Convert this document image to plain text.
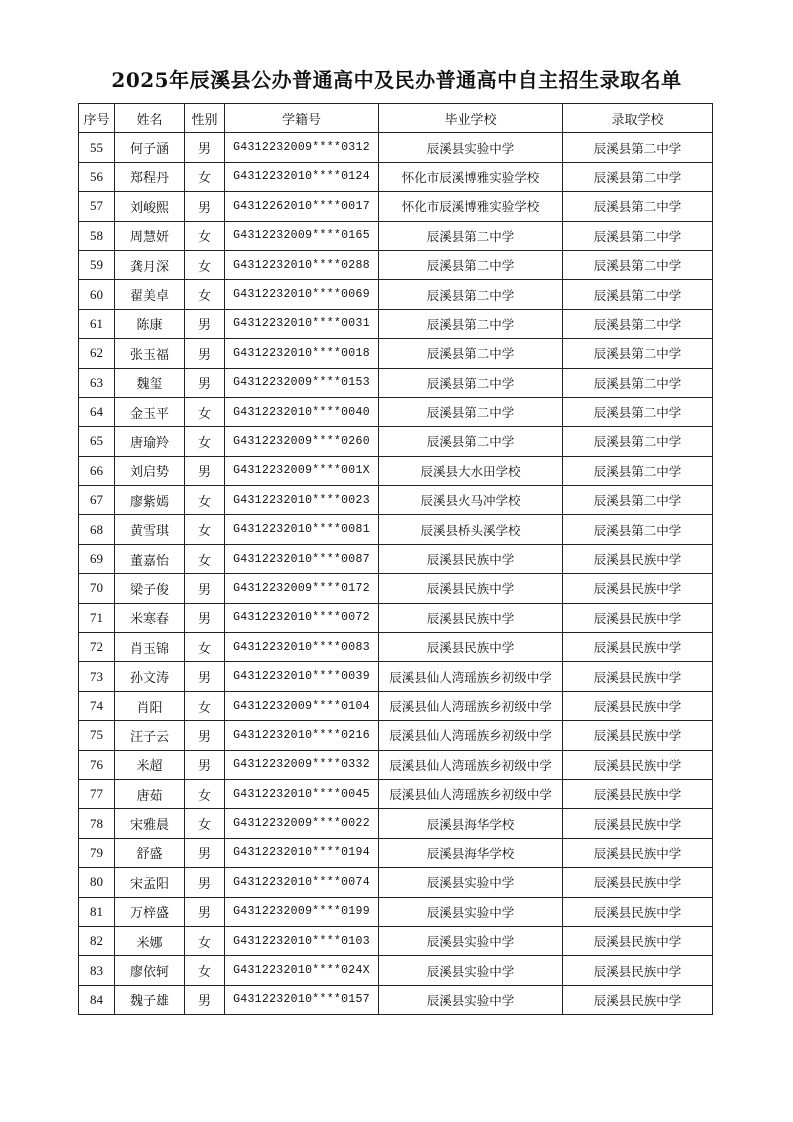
2025年辰溪县公办普通高中及民办普通高中自主招生录取名单
序号	姓名	性别	学籍号	毕业学校	录取学校
55	何子涵	男	G4312232009****0312	辰溪县实验中学	辰溪县第二中学
56	郑程丹	女	G4312232010****0124	怀化市辰溪博雅实验学校	辰溪县第二中学
57	刘峻熙	男	G4312262010****0017	怀化市辰溪博雅实验学校	辰溪县第二中学
58	周慧妍	女	G4312232009****0165	辰溪县第二中学	辰溪县第二中学
59	龚月深	女	G4312232010****0288	辰溪县第二中学	辰溪县第二中学
60	翟美卓	女	G4312232010****0069	辰溪县第二中学	辰溪县第二中学
61	陈康	男	G4312232010****0031	辰溪县第二中学	辰溪县第二中学
62	张玉福	男	G4312232010****0018	辰溪县第二中学	辰溪县第二中学
63	魏玺	男	G4312232009****0153	辰溪县第二中学	辰溪县第二中学
64	金玉平	女	G4312232010****0040	辰溪县第二中学	辰溪县第二中学
65	唐瑜羚	女	G4312232009****0260	辰溪县第二中学	辰溪县第二中学
66	刘启势	男	G4312232009****001X	辰溪县大水田学校	辰溪县第二中学
67	廖紫嫣	女	G4312232010****0023	辰溪县火马冲学校	辰溪县第二中学
68	黄雪琪	女	G4312232010****0081	辰溪县桥头溪学校	辰溪县第二中学
69	董嘉怡	女	G4312232010****0087	辰溪县民族中学	辰溪县民族中学
70	梁子俊	男	G4312232009****0172	辰溪县民族中学	辰溪县民族中学
71	米寒春	男	G4312232010****0072	辰溪县民族中学	辰溪县民族中学
72	肖玉锦	女	G4312232010****0083	辰溪县民族中学	辰溪县民族中学
73	孙文涛	男	G4312232010****0039	辰溪县仙人湾瑶族乡初级中学	辰溪县民族中学
74	肖阳	女	G4312232009****0104	辰溪县仙人湾瑶族乡初级中学	辰溪县民族中学
75	汪子云	男	G4312232010****0216	辰溪县仙人湾瑶族乡初级中学	辰溪县民族中学
76	米超	男	G4312232009****0332	辰溪县仙人湾瑶族乡初级中学	辰溪县民族中学
77	唐茹	女	G4312232010****0045	辰溪县仙人湾瑶族乡初级中学	辰溪县民族中学
78	宋雅晨	女	G4312232009****0022	辰溪县海华学校	辰溪县民族中学
79	舒盛	男	G4312232010****0194	辰溪县海华学校	辰溪县民族中学
80	宋孟阳	男	G4312232010****0074	辰溪县实验中学	辰溪县民族中学
81	万梓盛	男	G4312232009****0199	辰溪县实验中学	辰溪县民族中学
82	米娜	女	G4312232010****0103	辰溪县实验中学	辰溪县民族中学
83	廖依轲	女	G4312232010****024X	辰溪县实验中学	辰溪县民族中学
84	魏子雄	男	G4312232010****0157	辰溪县实验中学	辰溪县民族中学
